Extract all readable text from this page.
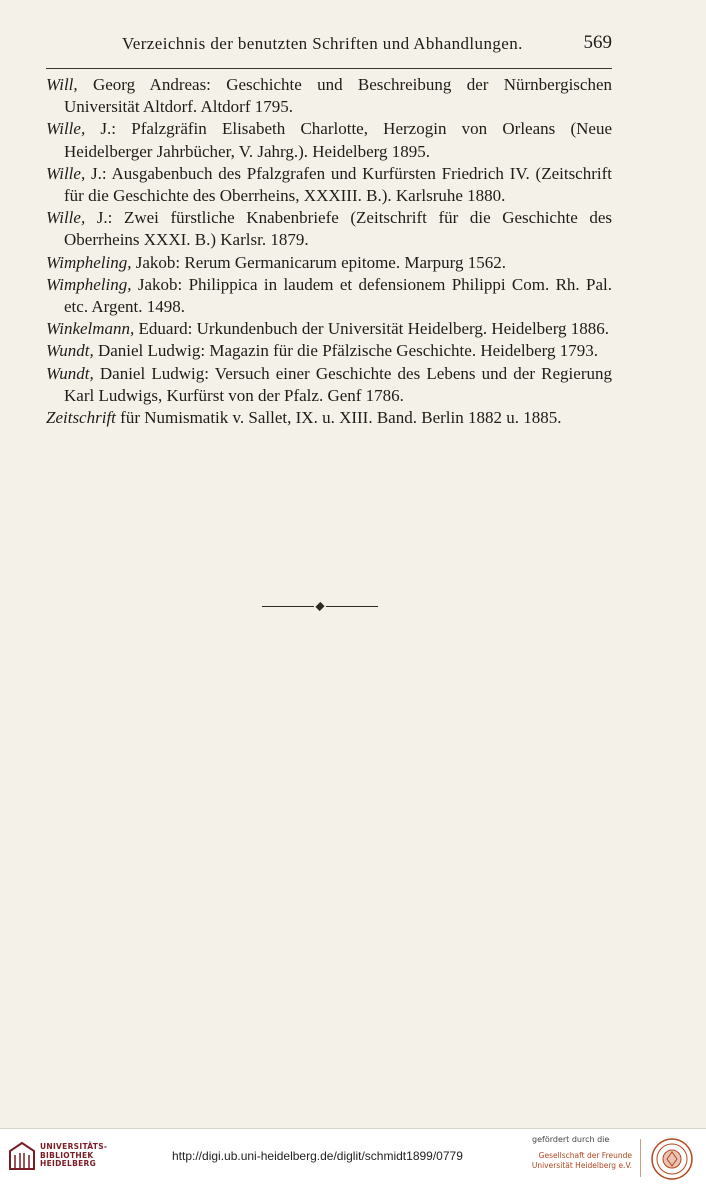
Verzeichnis der benutzten Schriften und Abhandlungen.	569
Will, Georg Andreas: Geschichte und Beschreibung der Nürnbergischen Universität Altdorf. Altdorf 1795.
Wille, J.: Pfalzgräfin Elisabeth Charlotte, Herzogin von Orleans (Neue Heidelberger Jahrbücher, V. Jahrg.). Heidelberg 1895.
Wille, J.: Ausgabenbuch des Pfalzgrafen und Kurfürsten Friedrich IV. (Zeitschrift für die Geschichte des Oberrheins, XXXIII. B.). Karlsruhe 1880.
Wille, J.: Zwei fürstliche Knabenbriefe (Zeitschrift für die Geschichte des Oberrheins XXXI. B.) Karlsr. 1879.
Wimpheling, Jakob: Rerum Germanicarum epitome. Marpurg 1562.
Wimpheling, Jakob: Philippica in laudem et defensionem Philippi Com. Rh. Pal. etc. Argent. 1498.
Winkelmann, Eduard: Urkundenbuch der Universität Heidelberg. Heidelberg 1886.
Wundt, Daniel Ludwig: Magazin für die Pfälzische Geschichte. Heidelberg 1793.
Wundt, Daniel Ludwig: Versuch einer Geschichte des Lebens und der Regierung Karl Ludwigs, Kurfürst von der Pfalz. Genf 1786.
Zeitschrift für Numismatik v. Sallet, IX. u. XIII. Band. Berlin 1882 u. 1885.
UNIVERSITÄTS-
BIBLIOTHEK
HEIDELBERG
http://digi.ub.uni-heidelberg.de/diglit/schmidt1899/0779
gefördert durch die
Gesellschaft der Freunde
Universität Heidelberg e.V.
